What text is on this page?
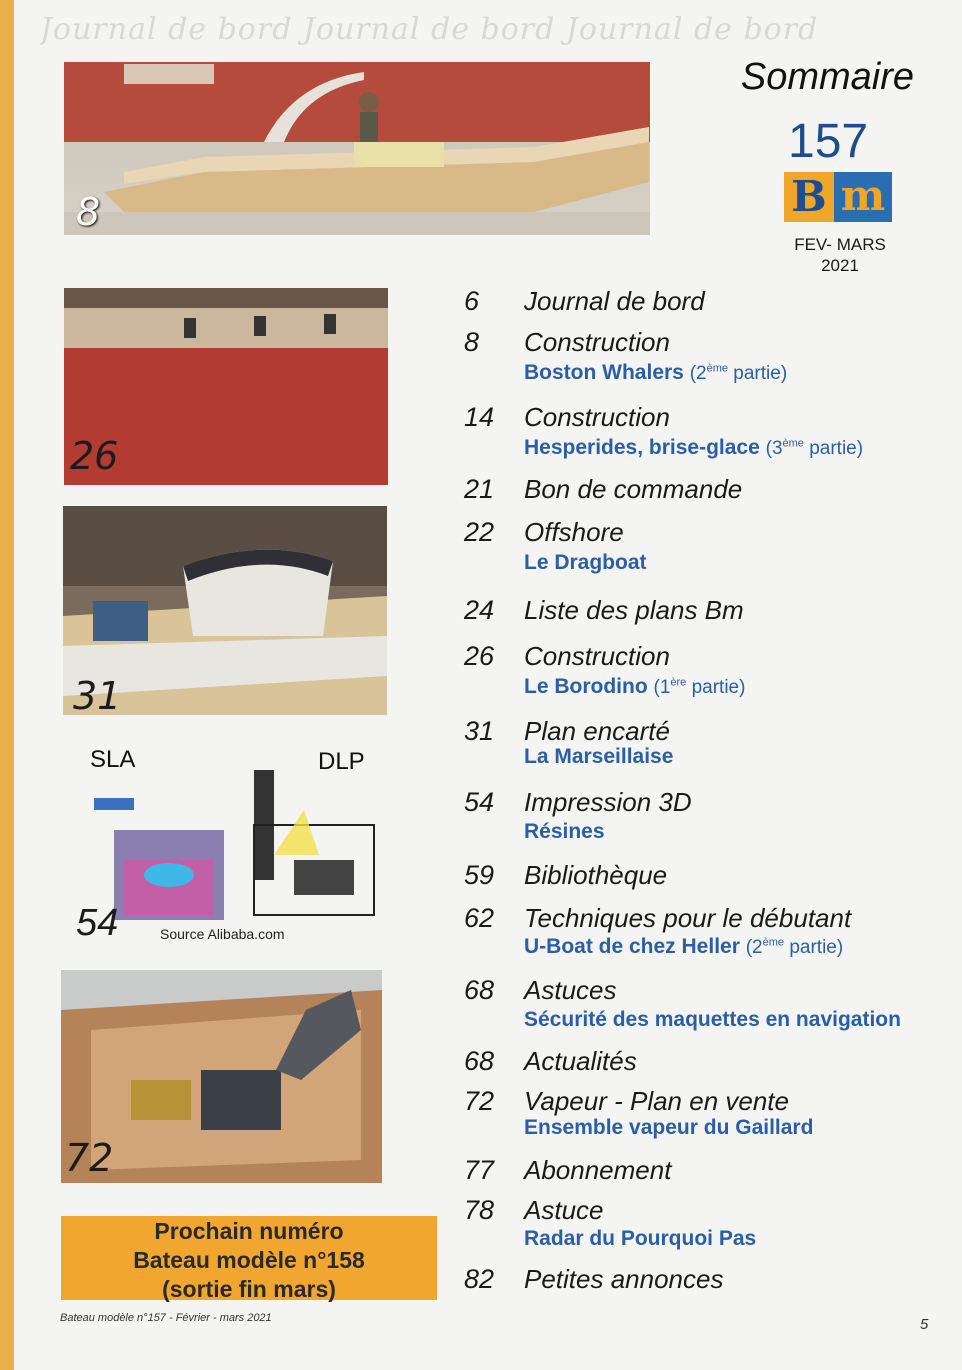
Journal de bord Journal de bord Journal de bord
8
Sommaire
157
B m
FEV- MARS
2021
26
31
SLA	DLP
54	Source Alibaba.com
72
Prochain numéro
Bateau modèle n°158
(sortie fin mars)
Bateau modèle n°157 - Février - mars 2021	5
6	Journal de bord
8	Construction
Boston Whalers (2ème partie)
14	Construction
Hesperides, brise-glace (3ème partie)
21	Bon de commande
22	Offshore
Le Dragboat
24	Liste des plans Bm
26	Construction
Le Borodino (1ère partie)
31	Plan encarté
La Marseillaise
54	Impression 3D
Résines
59	Bibliothèque
62	Techniques pour le débutant
U-Boat de chez Heller (2ème partie)
68	Astuces
Sécurité des maquettes en navigation
68	Actualités
72	Vapeur - Plan en vente
Ensemble vapeur du Gaillard
77	Abonnement
78	Astuce
Radar du Pourquoi Pas
82	Petites annonces
